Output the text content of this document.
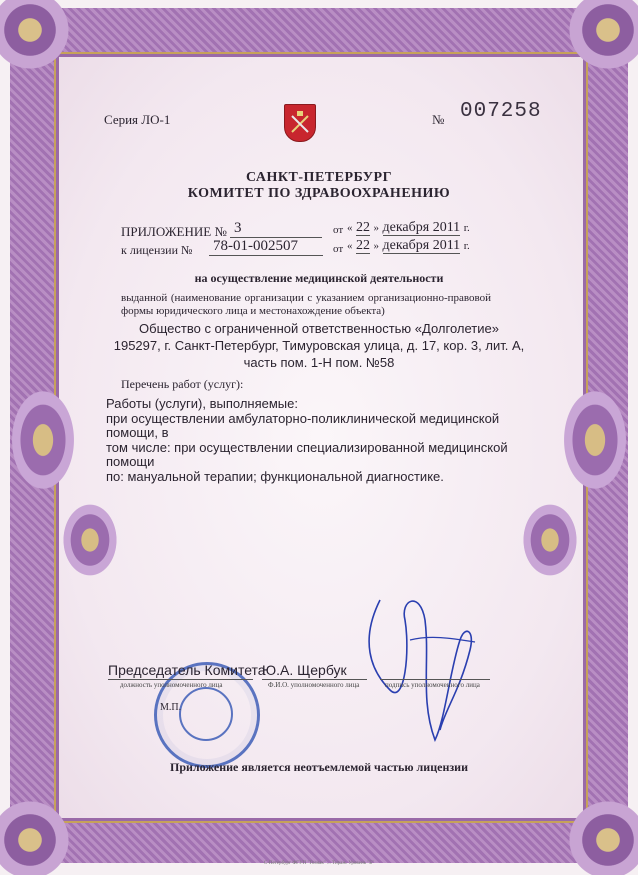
Серия ЛО-1	№ 007258
САНКТ-ПЕТЕРБУРГ
КОМИТЕТ ПО ЗДРАВООХРАНЕНИЮ
ПРИЛОЖЕНИЕ № 3	от « 22 » декабря 2011 г.
к лицензии № 78-01-002507	от « 22 » декабря 2011 г.
на осуществление медицинской деятельности
выданной (наименование организации с указанием организационно-правовой формы юридического лица и местонахождение объекта)
Общество с ограниченной ответственностью «Долголетие»
195297, г. Санкт-Петербург, Тимуровская улица, д. 17, кор. 3, лит. А,
часть пом. 1-Н пом. №58
Перечень работ (услуг):
Работы (услуги), выполняемые:
при осуществлении амбулаторно-поликлинической медицинской помощи, в
том числе: при осуществлении специализированной медицинской помощи
по: мануальной терапии; функциональной диагностике.
Председатель Комитета
Ю.А. Щербук
должность уполномоченного лица	Ф.И.О. уполномоченного лица	подпись уполномоченного лица
М.П.
Приложение является неотъемлемой частью лицензии
С-Петербург ФГУП "Гознак" ... Тираж. Уровень "Б"
